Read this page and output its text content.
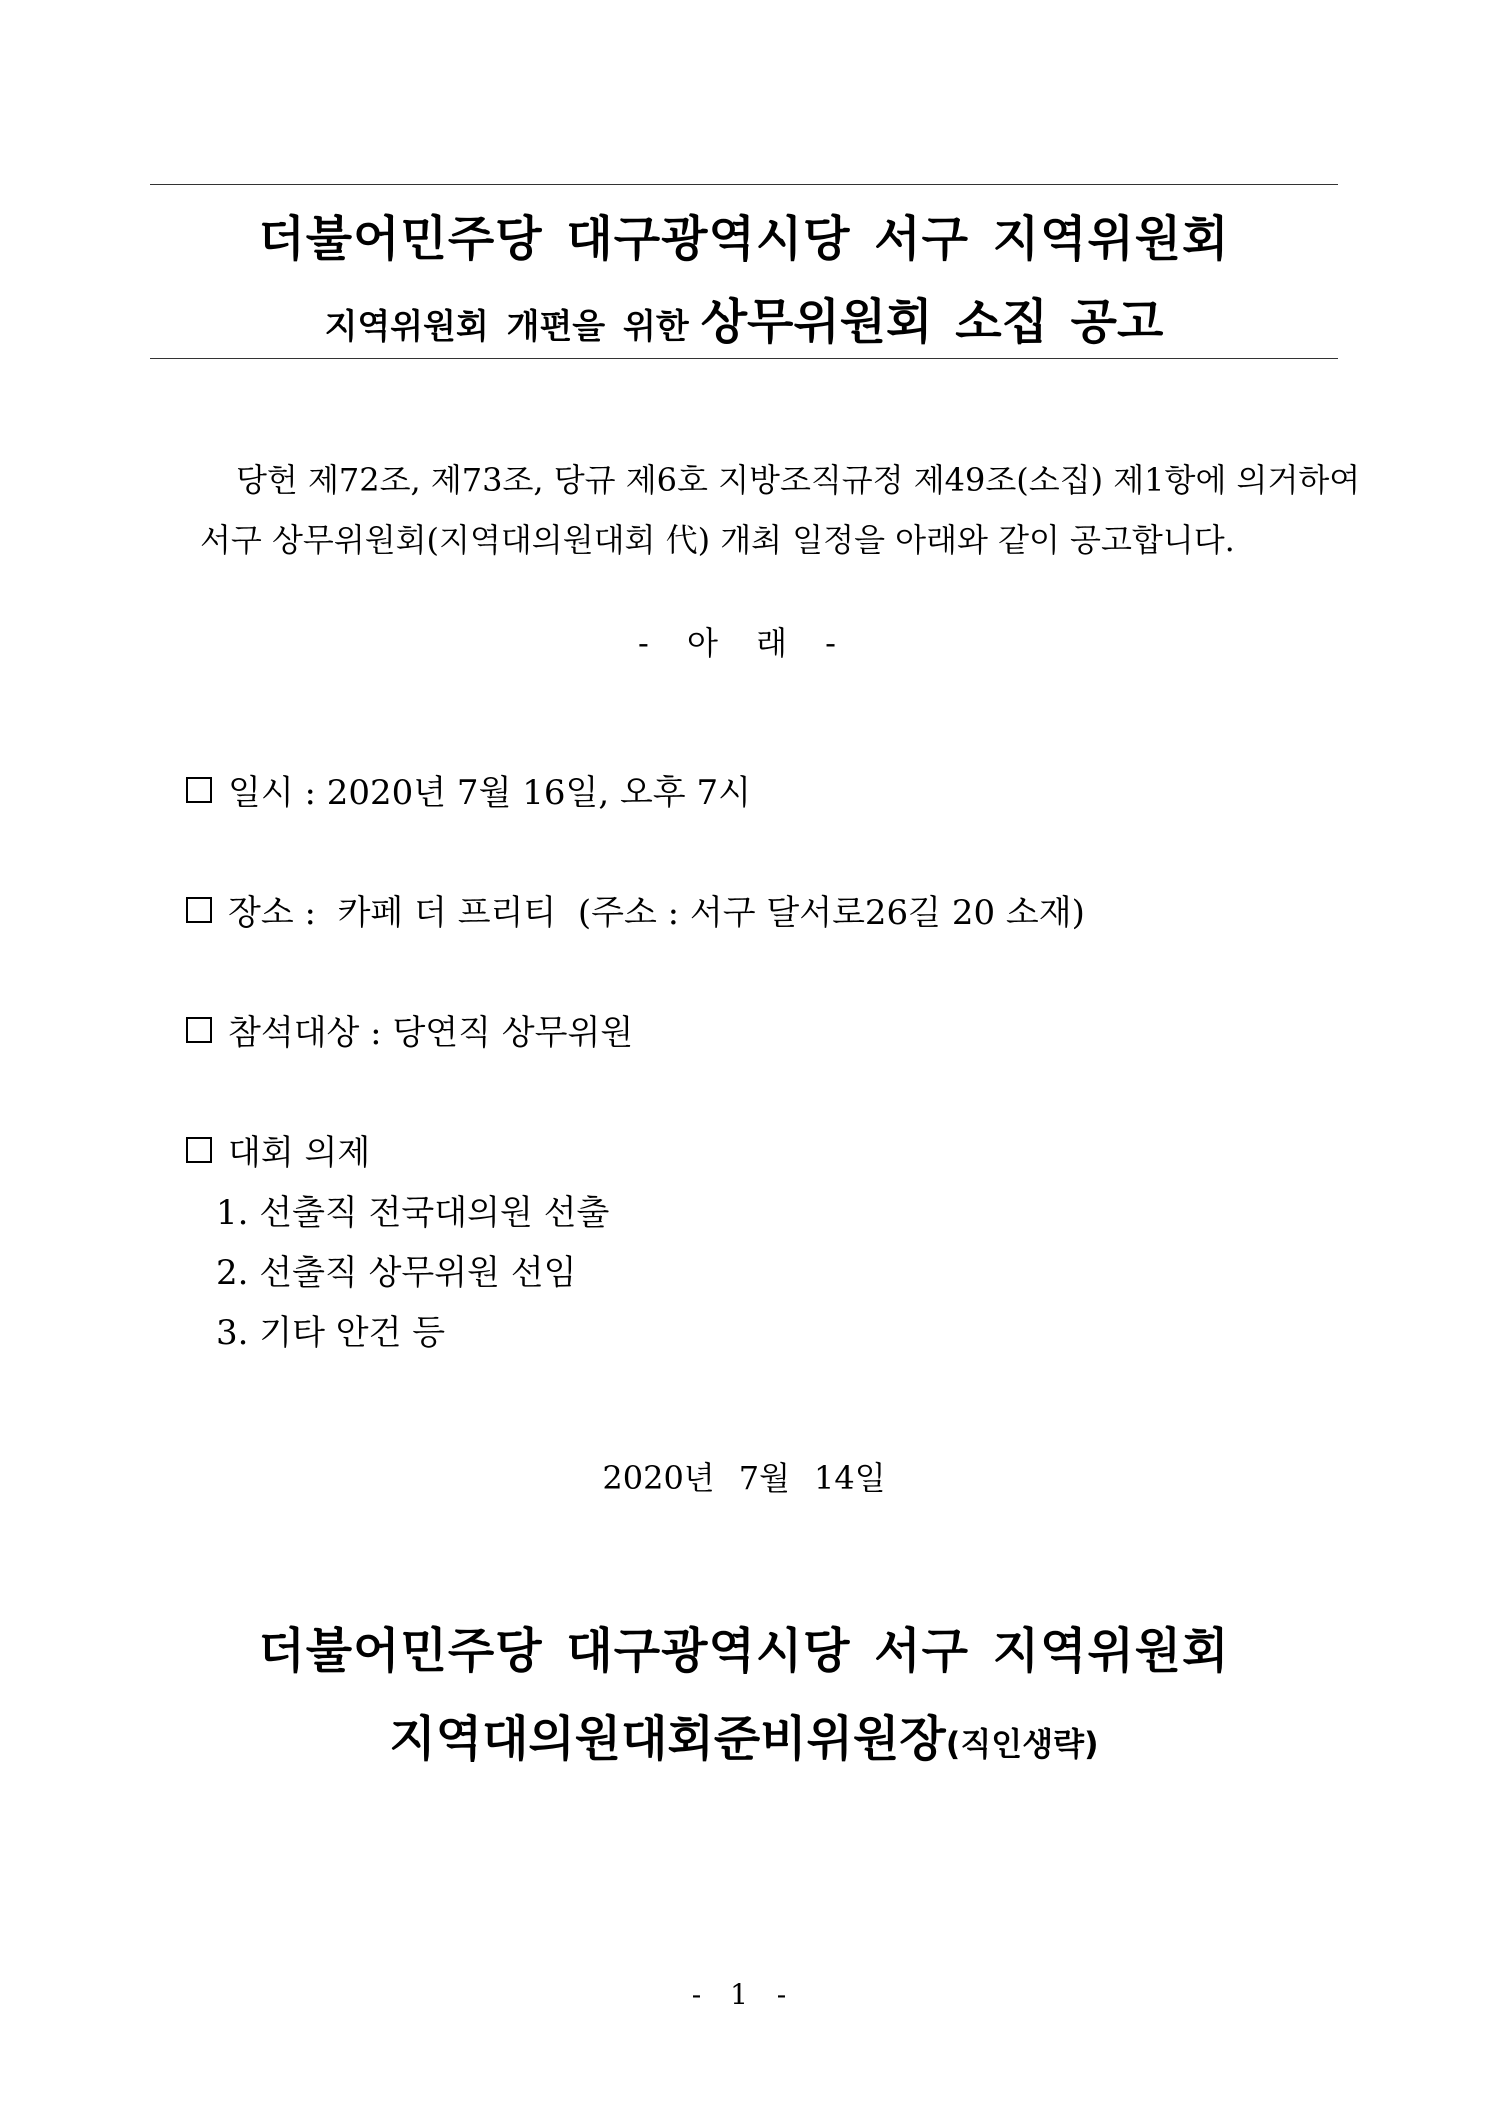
더불어민주당 대구광역시당 서구 지역위원회
지역위원회 개편을 위한 상무위원회 소집 공고
당헌 제72조, 제73조, 당규 제6호 지방조직규정 제49조(소집) 제1항에 의거하여
서구 상무위원회(지역대의원대회 代) 개최 일정을 아래와 같이 공고합니다.
- 아 래 -
일시 : 2020년 7월 16일, 오후 7시
장소 :  카페 더 프리티  (주소 : 서구 달서로26길 20 소재)
참석대상 : 당연직 상무위원
대회 의제
1. 선출직 전국대의원 선출
2. 선출직 상무위원 선임
3. 기타 안건 등
2020년 7월 14일
더불어민주당 대구광역시당 서구 지역위원회
지역대의원대회준비위원장(직인생략)
- 1 -
